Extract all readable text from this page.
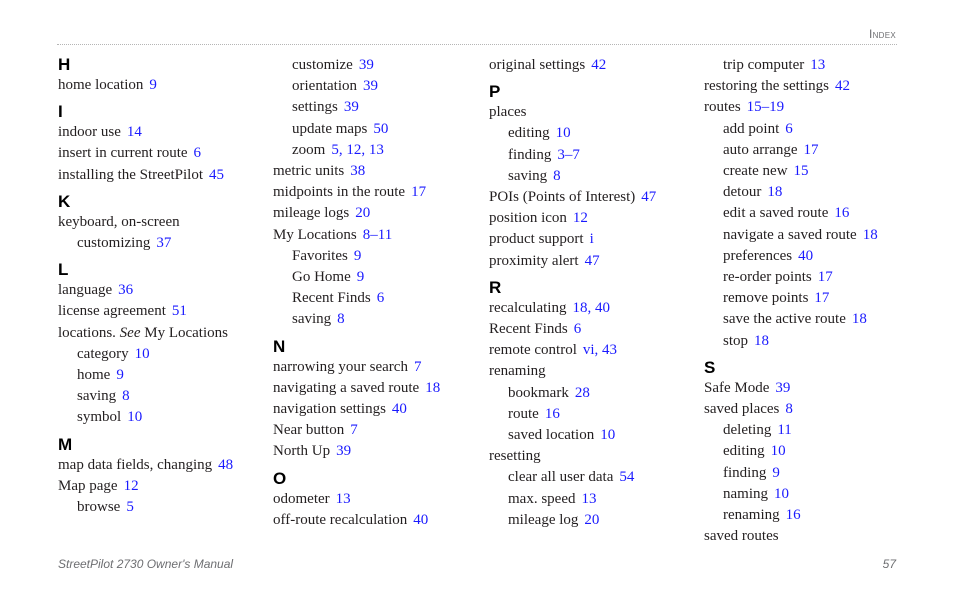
Index
H
home location 9
I
indoor use 14
insert in current route 6
installing the StreetPilot 45
K
keyboard, on-screen
customizing 37
L
language 36
license agreement 51
locations. See My Locations
category 10
home 9
saving 8
symbol 10
M
map data fields, changing 48
Map page 12
browse 5
customize 39
orientation 39
settings 39
update maps 50
zoom 5, 12, 13
metric units 38
midpoints in the route 17
mileage logs 20
My Locations 8–11
Favorites 9
Go Home 9
Recent Finds 6
saving 8
N
narrowing your search 7
navigating a saved route 18
navigation settings 40
Near button 7
North Up 39
O
odometer 13
off-route recalculation 40
original settings 42
P
places
editing 10
finding 3–7
saving 8
POIs (Points of Interest) 47
position icon 12
product support i
proximity alert 47
R
recalculating 18, 40
Recent Finds 6
remote control vi, 43
renaming
bookmark 28
route 16
saved location 10
resetting
clear all user data 54
max. speed 13
mileage log 20
trip computer 13
restoring the settings 42
routes 15–19
add point 6
auto arrange 17
create new 15
detour 18
edit a saved route 16
navigate a saved route 18
preferences 40
re-order points 17
remove points 17
save the active route 18
stop 18
S
Safe Mode 39
saved places 8
deleting 11
editing 10
finding 9
naming 10
renaming 16
saved routes
StreetPilot 2730 Owner's Manual	57
